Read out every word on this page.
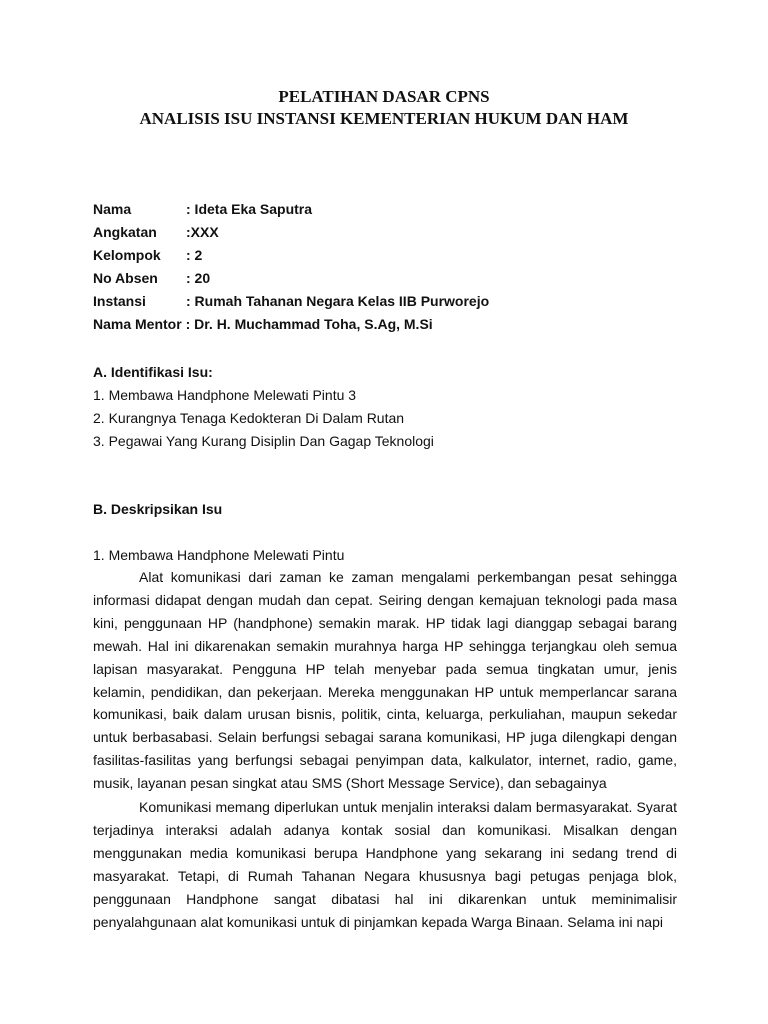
PELATIHAN DASAR CPNS
ANALISIS ISU INSTANSI KEMENTERIAN HUKUM DAN HAM
Nama	: Ideta Eka Saputra
Angkatan :XXX
Kelompok : 2
No Absen : 20
Instansi	: Rumah Tahanan Negara Kelas IIB Purworejo
Nama Mentor : Dr. H. Muchammad Toha, S.Ag, M.Si
A. Identifikasi Isu:
1. Membawa Handphone Melewati Pintu 3
2. Kurangnya Tenaga Kedokteran Di Dalam Rutan
3. Pegawai Yang Kurang Disiplin Dan Gagap Teknologi
B. Deskripsikan Isu
1. Membawa Handphone Melewati Pintu

Alat komunikasi dari zaman ke zaman mengalami perkembangan pesat sehingga informasi didapat dengan mudah dan cepat. Seiring dengan kemajuan teknologi pada masa kini, penggunaan HP (handphone) semakin marak. HP tidak lagi dianggap sebagai barang mewah. Hal ini dikarenakan semakin murahnya harga HP sehingga terjangkau oleh semua lapisan masyarakat. Pengguna HP telah menyebar pada semua tingkatan umur, jenis kelamin, pendidikan, dan pekerjaan. Mereka menggunakan HP untuk memperlancar sarana komunikasi, baik dalam urusan bisnis, politik, cinta, keluarga, perkuliahan, maupun sekedar untuk berbasabasi. Selain berfungsi sebagai sarana komunikasi, HP juga dilengkapi dengan fasilitas-fasilitas yang berfungsi sebagai penyimpan data, kalkulator, internet, radio, game, musik, layanan pesan singkat atau SMS (Short Message Service), dan sebagainya

Komunikasi memang diperlukan untuk menjalin interaksi dalam bermasyarakat. Syarat terjadinya interaksi adalah adanya kontak sosial dan komunikasi. Misalkan dengan menggunakan media komunikasi berupa Handphone yang sekarang ini sedang trend di masyarakat. Tetapi, di Rumah Tahanan Negara khususnya bagi petugas penjaga blok, penggunaan Handphone sangat dibatasi hal ini dikarenkan untuk meminimalisir penyalahgunaan alat komunikasi untuk di pinjamkan kepada Warga Binaan. Selama ini napi
